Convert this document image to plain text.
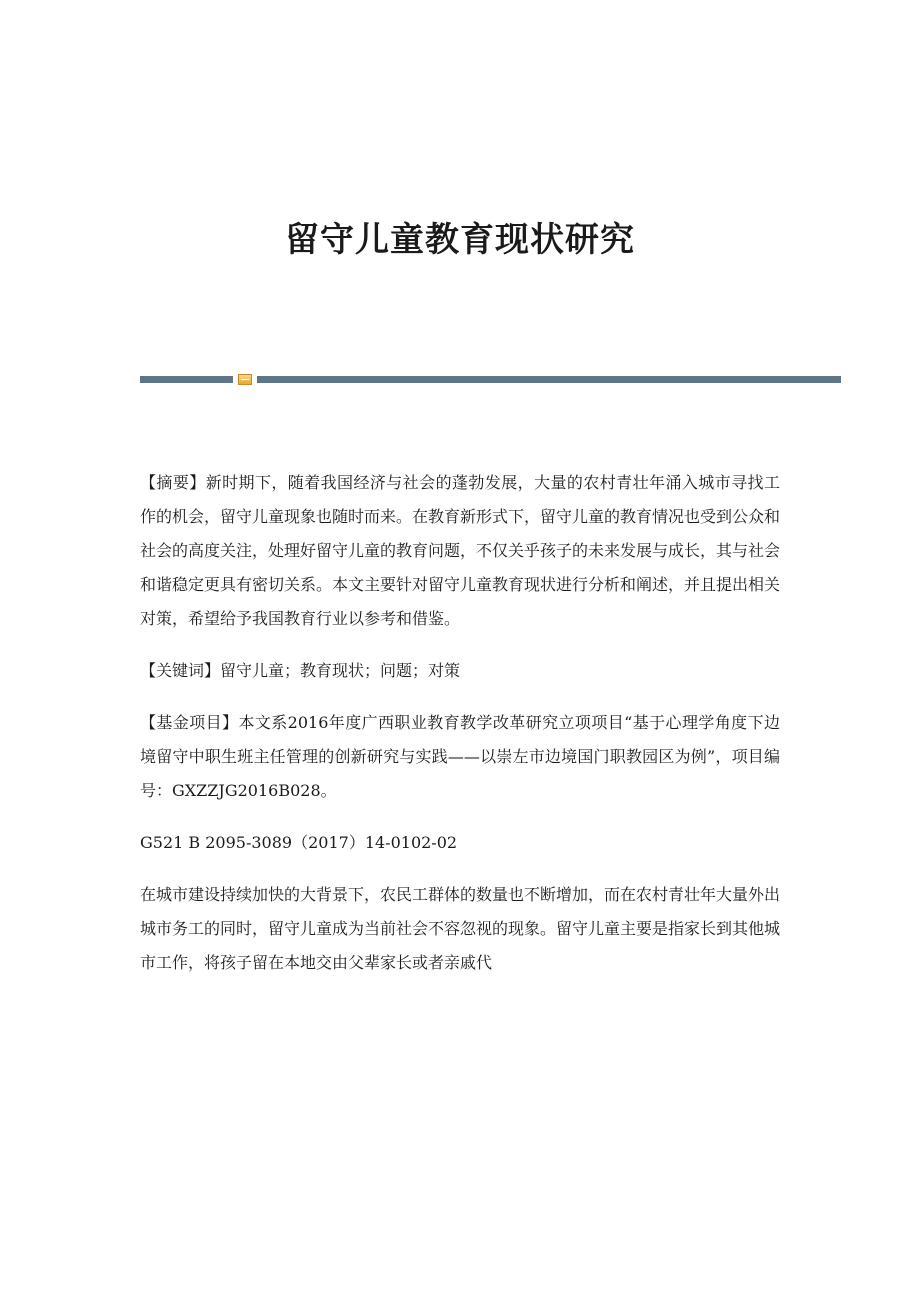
留守儿童教育现状研究

【摘要】新时期下，随着我国经济与社会的蓬勃发展，大量的农村青壮年涌入城市寻找工作的机会，留守儿童现象也随时而来。在教育新形式下，留守儿童的教育情况也受到公众和社会的高度关注，处理好留守儿童的教育问题，不仅关乎孩子的未来发展与成长，其与社会和谐稳定更具有密切关系。本文主要针对留守儿童教育现状进行分析和阐述，并且提出相关对策，希望给予我国教育行业以参考和借鉴。

【关键词】留守儿童；教育现状；问题；对策

【基金项目】本文系2016年度广西职业教育教学改革研究立项项目“基于心理学角度下边境留守中职生班主任管理的创新研究与实践——以崇左市边境国门职教园区为例”，项目编号：GXZZJG2016B028。

G521 B 2095-3089（2017）14-0102-02

在城市建设持续加快的大背景下，农民工群体的数量也不断增加，而在农村青壮年大量外出城市务工的同时，留守儿童成为当前社会不容忽视的现象。留守儿童主要是指家长到其他城市工作，将孩子留在本地交由父辈家长或者亲戚代
